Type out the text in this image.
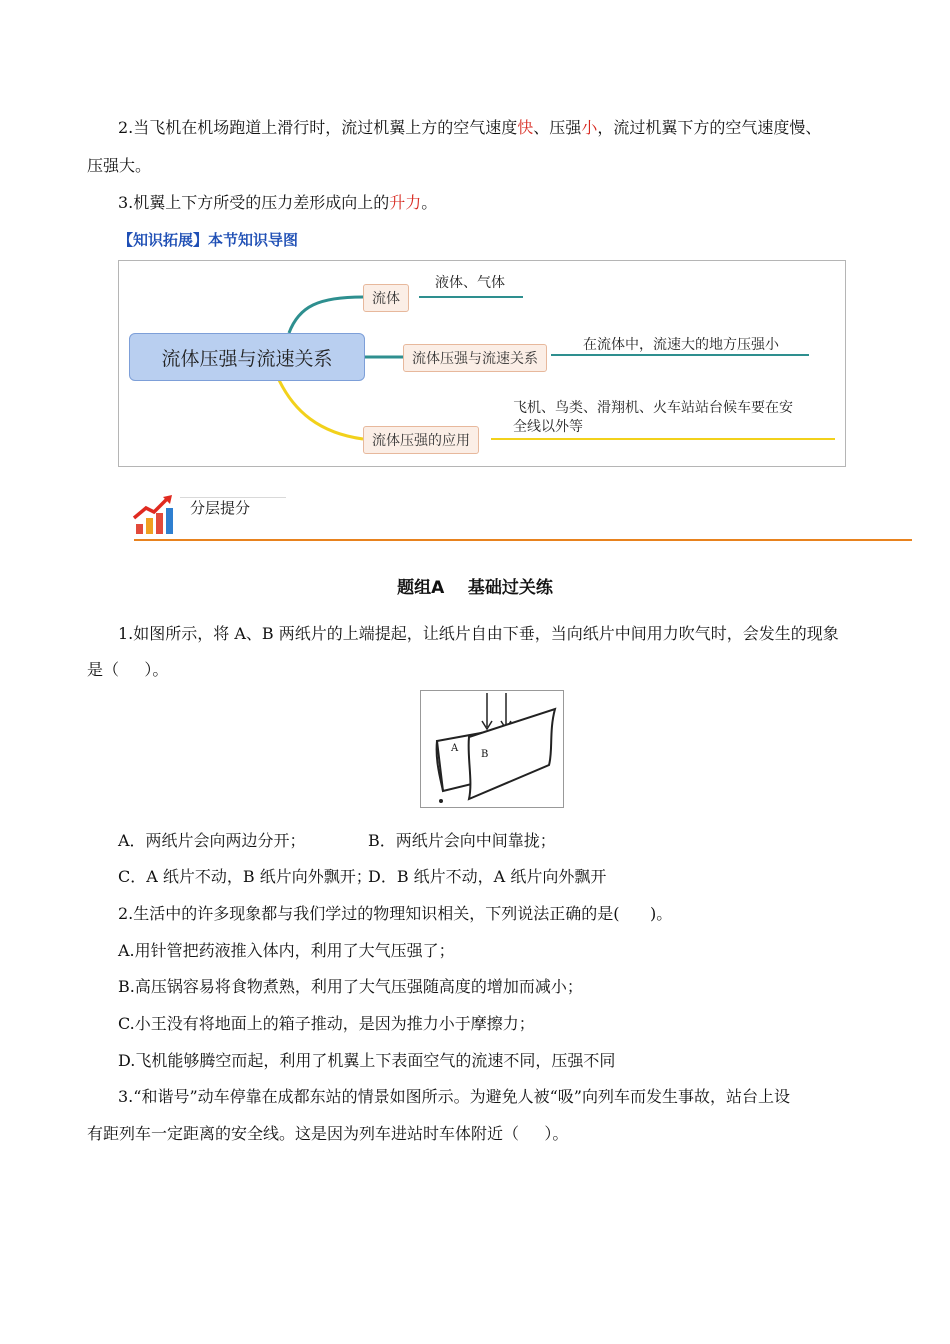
2.当飞机在机场跑道上滑行时，流过机翼上方的空气速度快、压强小，流过机翼下方的空气速度慢、
压强大。
3.机翼上下方所受的压力差形成向上的升力。
【知识拓展】本节知识导图
流体压强与流速关系
流体
液体、气体
流体压强与流速关系
在流体中，流速大的地方压强小
流体压强的应用
飞机、鸟类、滑翔机、火车站站台候车要在安
全线以外等
分层提分
题组A    基础过关练
1.如图所示，将 A、B 两纸片的上端提起，让纸片自由下垂，当向纸片中间用力吹气时，会发生的现象
是（     ）。
A
B
A．两纸片会向两边分开；	B．两纸片会向中间靠拢；
C．A 纸片不动，B 纸片向外飘开；
D．B 纸片不动，A 纸片向外飘开
2.生活中的许多现象都与我们学过的物理知识相关，下列说法正确的是(      )。
A.用针管把药液推入体内，利用了大气压强了；
B.高压锅容易将食物煮熟，利用了大气压强随高度的增加而减小；
C.小王没有将地面上的箱子推动，是因为推力小于摩擦力；
D.飞机能够腾空而起，利用了机翼上下表面空气的流速不同，压强不同
3.“和谐号”动车停靠在成都东站的情景如图所示。为避免人被“吸”向列车而发生事故，站台上设
有距列车一定距离的安全线。这是因为列车进站时车体附近（     ）。
